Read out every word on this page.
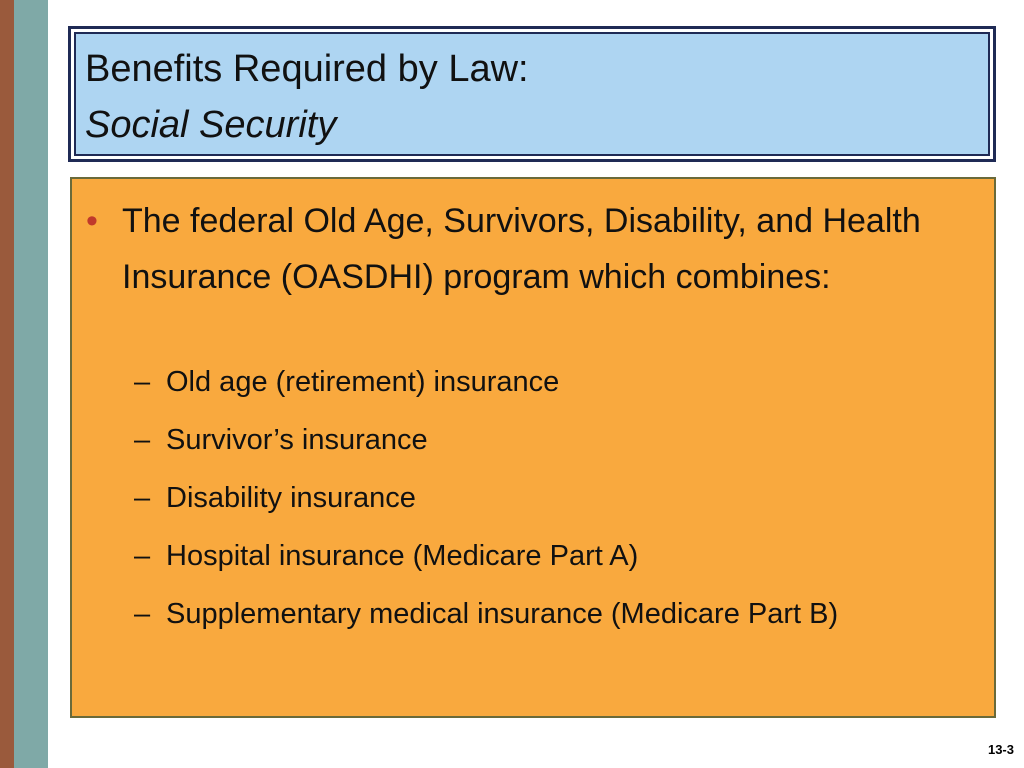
Benefits Required by Law:
Social Security
• The federal Old Age, Survivors, Disability, and Health Insurance (OASDHI) program which combines:
– Old age (retirement) insurance
– Survivor’s insurance
– Disability insurance
– Hospital insurance (Medicare Part A)
– Supplementary medical insurance (Medicare Part B)
13-3
